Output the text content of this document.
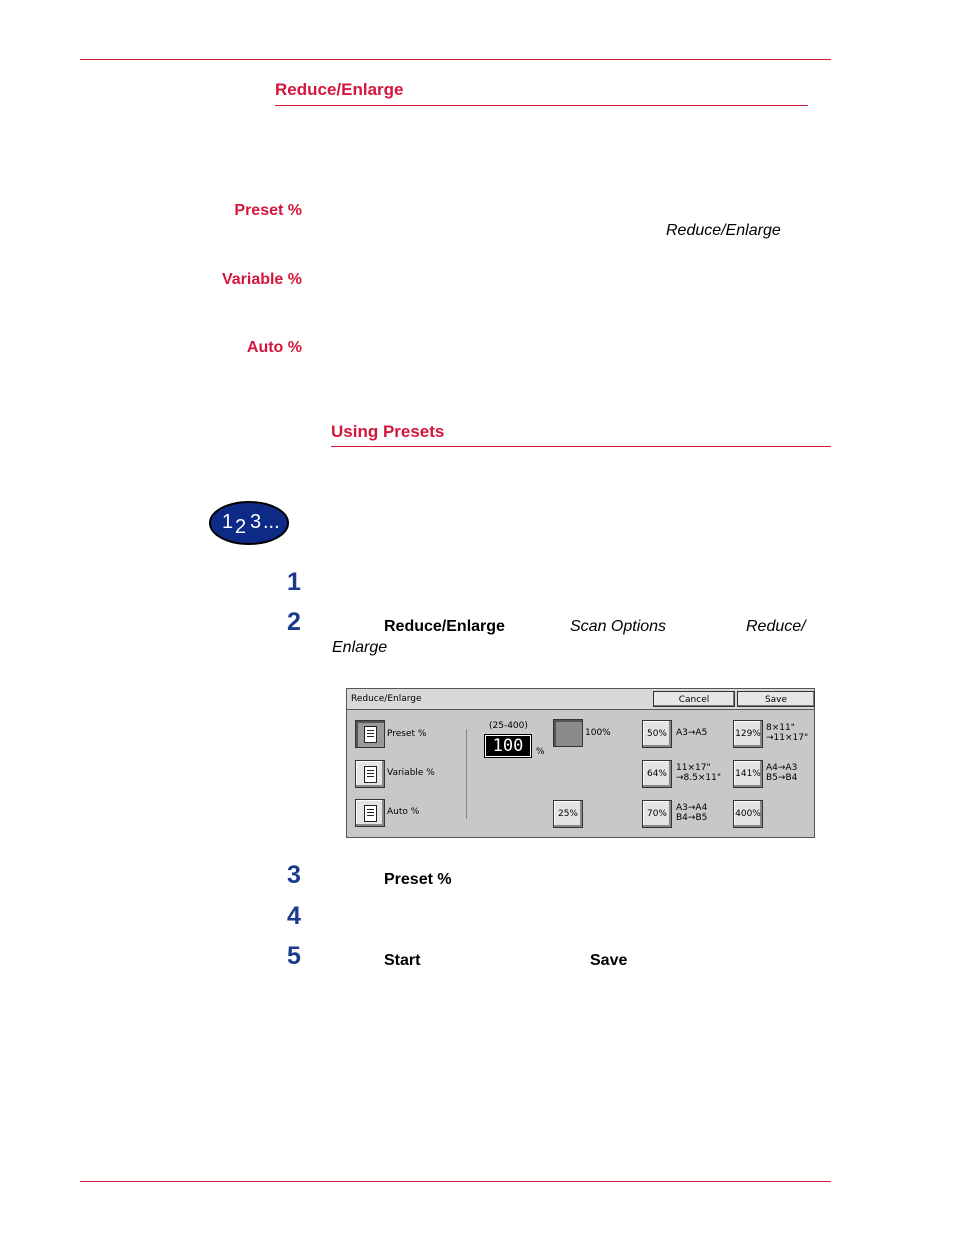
Reduce/Enlarge
Preset %
Reduce/Enlarge
Variable %
Auto %
Using Presets
1 2 3 ...
1
2	Reduce/Enlarge	Scan Options	Reduce/
Enlarge
Reduce/Enlarge	Cancel	Save
Preset %
Variable %
Auto %
(25-400)
100	%
100%
25%
50%	A3→A5
64%
11×17"
→8.5×11"
70%
A3→A4
B4→B5
129%
8×11"
→11×17"
141%
A4→A3
B5→B4
400%
3	Preset %
4
5	Start	Save
